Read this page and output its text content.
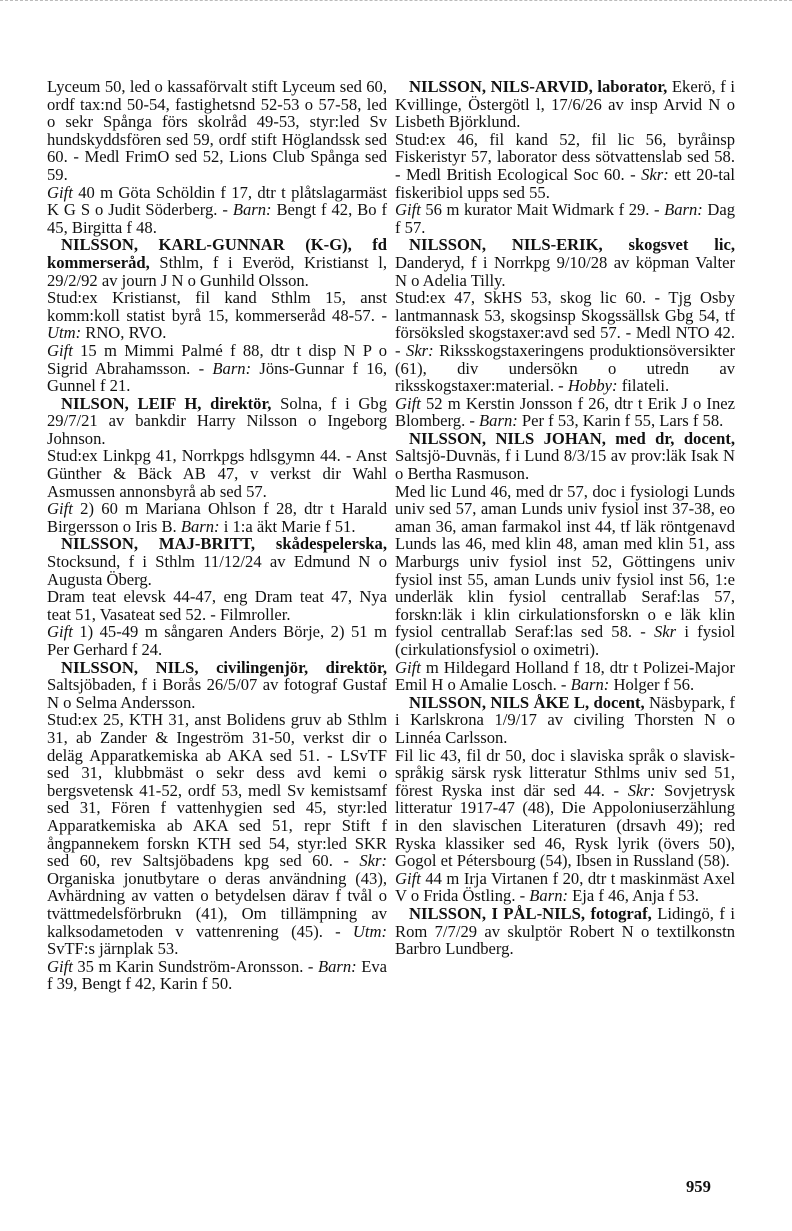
Lyceum 50, led o kassaförvalt stift Lyceum sed 60, ordf tax:nd 50-54, fastighetsnd 52-53 o 57-58, led o sekr Spånga förs skolråd 49-53, styr:led Sv hundskyddsfören sed 59, ordf stift Höglandssk sed 60. - Medl FrimO sed 52, Lions Club Spånga sed 59.

Gift 40 m Göta Schöldin f 17, dtr t plåtslagarmäst K G S o Judit Söderberg. - Barn: Bengt f 42, Bo f 45, Birgitta f 48.

NILSSON, KARL-GUNNAR (K-G), fd kommerseråd, Sthlm, f i Everöd, Kristianst l, 29/2/92 av journ J N o Gunhild Olsson.

Stud:ex Kristianst, fil kand Sthlm 15, anst komm:koll statist byrå 15, kommerseråd 48-57. - Utm: RNO, RVO.

Gift 15 m Mimmi Palmé f 88, dtr t disp N P o Sigrid Abrahamsson. - Barn: Jöns-Gunnar f 16, Gunnel f 21.

NILSON, LEIF H, direktör, Solna, f i Gbg 29/7/21 av bankdir Harry Nilsson o Ingeborg Johnson.

Stud:ex Linkpg 41, Norrkpgs hdlsgymn 44. - Anst Günther & Bäck AB 47, v verkst dir Wahl Asmussen annonsbyrå ab sed 57.

Gift 2) 60 m Mariana Ohlson f 28, dtr t Harald Birgersson o Iris B. Barn: i 1:a äkt Marie f 51.

NILSSON, MAJ-BRITT, skådespelerska, Stocksund, f i Sthlm 11/12/24 av Edmund N o Augusta Öberg.

Dram teat elevsk 44-47, eng Dram teat 47, Nya teat 51, Vasateat sed 52. - Filmroller.

Gift 1) 45-49 m sångaren Anders Börje, 2) 51 m Per Gerhard f 24.

NILSSON, NILS, civilingenjör, direktör, Saltsjöbaden, f i Borås 26/5/07 av fotograf Gustaf N o Selma Andersson.

Stud:ex 25, KTH 31, anst Bolidens gruv ab Sthlm 31, ab Zander & Ingeström 31-50, verkst dir o deläg Apparatkemiska ab AKA sed 51. - LSvTF sed 31, klubbmäst o sekr dess avd kemi o bergsvetensk 41-52, ordf 53, medl Sv kemistsamf sed 31, Fören f vattenhygien sed 45, styr:led Apparatkemiska ab AKA sed 51, repr Stift f ångpannekem forskn KTH sed 54, styr:led SKR sed 60, rev Saltsjöbadens kpg sed 60. - Skr: Organiska jonutbytare o deras användning (43), Avhärdning av vatten o betydelsen därav f tvål o tvättmedelsförbrukn (41), Om tillämpning av kalksodametoden v vattenrening (45). - Utm: SvTF:s järnplak 53.

Gift 35 m Karin Sundström-Aronsson. - Barn: Eva f 39, Bengt f 42, Karin f 50.

NILSSON, NILS-ARVID, laborator, Ekerö, f i Kvillinge, Östergötl l, 17/6/26 av insp Arvid N o Lisbeth Björklund.

Stud:ex 46, fil kand 52, fil lic 56, byråinsp Fiskeristyr 57, laborator dess sötvattenslab sed 58. - Medl British Ecological Soc 60. - Skr: ett 20-tal fiskeribiol upps sed 55.

Gift 56 m kurator Mait Widmark f 29. - Barn: Dag f 57.

NILSSON, NILS-ERIK, skogsvet lic, Danderyd, f i Norrkpg 9/10/28 av köpman Valter N o Adelia Tilly.

Stud:ex 47, SkHS 53, skog lic 60. - Tjg Osby lantmannask 53, skogsinsp Skogssällsk Gbg 54, tf försöksled skogstaxer:avd sed 57. - Medl NTO 42. - Skr: Riksskogstaxeringens produktionsöversikter (61), div undersökn o utredn av riksskogstaxer:material. - Hobby: filateli.

Gift 52 m Kerstin Jonsson f 26, dtr t Erik J o Inez Blomberg. - Barn: Per f 53, Karin f 55, Lars f 58.

NILSSON, NILS JOHAN, med dr, docent, Saltsjö-Duvnäs, f i Lund 8/3/15 av prov:läk Isak N o Bertha Rasmuson.

Med lic Lund 46, med dr 57, doc i fysiologi Lunds univ sed 57, aman Lunds univ fysiol inst 37-38, eo aman 36, aman farmakol inst 44, tf läk röntgenavd Lunds las 46, med klin 48, aman med klin 51, ass Marburgs univ fysiol inst 52, Göttingens univ fysiol inst 55, aman Lunds univ fysiol inst 56, 1:e underläk klin fysiol centrallab Seraf:las 57, forskn:läk i klin cirkulationsforskn o e läk klin fysiol centrallab Seraf:las sed 58. - Skr i fysiol (cirkulationsfysiol o oximetri).

Gift m Hildegard Holland f 18, dtr t Polizei-Major Emil H o Amalie Losch. - Barn: Holger f 56.

NILSSON, NILS ÅKE L, docent, Näsbypark, f i Karlskrona 1/9/17 av civiling Thorsten N o Linnéa Carlsson.

Fil lic 43, fil dr 50, doc i slaviska språk o slavisk-språkig särsk rysk litteratur Sthlms univ sed 51, förest Ryska inst där sed 44. - Skr: Sovjetrysk litteratur 1917-47 (48), Die Appoloniuserzählung in den slavischen Literaturen (drsavh 49); red Ryska klassiker sed 46, Rysk lyrik (övers 50), Gogol et Pétersbourg (54), Ibsen in Russland (58).

Gift 44 m Irja Virtanen f 20, dtr t maskinmäst Axel V o Frida Östling. - Barn: Eja f 46, Anja f 53.

NILSSON, I PÅL-NILS, fotograf, Lidingö, f i Rom 7/7/29 av skulptör Robert N o textilkonstn Barbro Lundberg.

959
